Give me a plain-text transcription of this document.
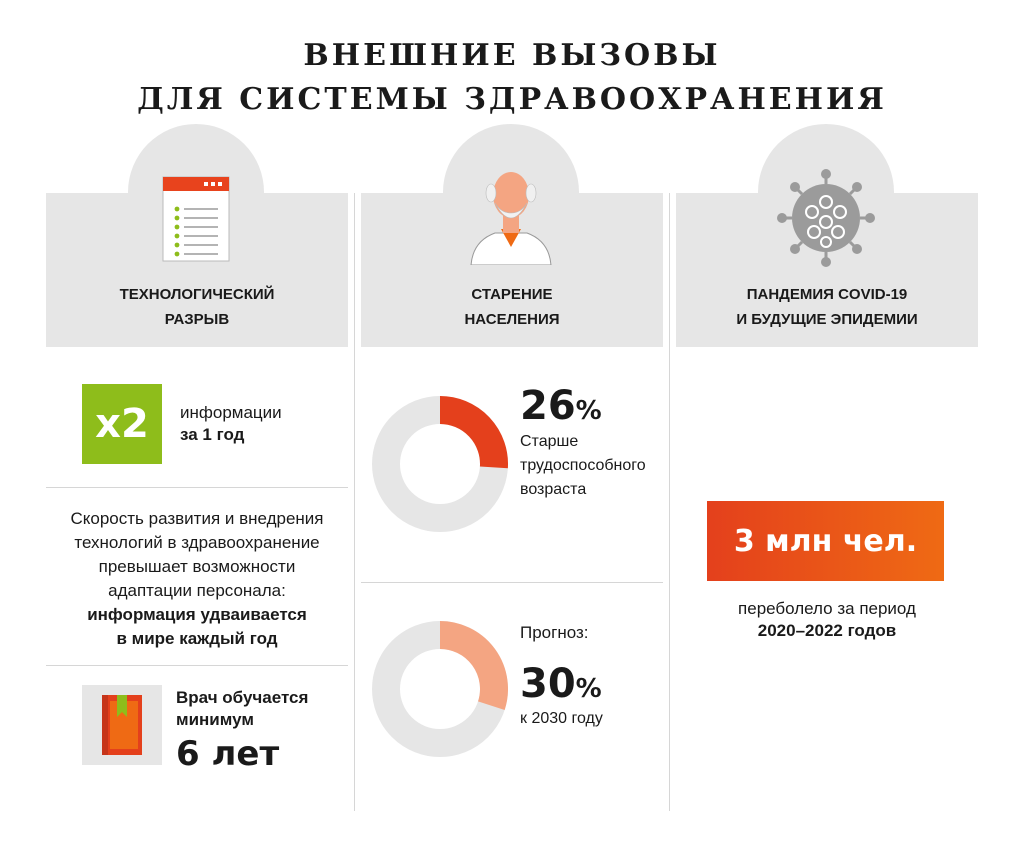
ВНЕШНИЕ ВЫЗОВЫ
ДЛЯ СИСТЕМЫ ЗДРАВООХРАНЕНИЯ
ТЕХНОЛОГИЧЕСКИЙ
РАЗРЫВ
СТАРЕНИЕ
НАСЕЛЕНИЯ
ПАНДЕМИЯ COVID-19
И БУДУЩИЕ ЭПИДЕМИИ
x2	информации
за 1 год
Скорость развития и внедрения
технологий в здравоохранение
превышает возможности
адаптации персонала:
информация удваивается
в мире каждый год
Врач обучается
минимум
6 лет
26%
Старше
трудоспособного
возраста
Прогноз:
30%
к 2030 году
3 млн чел.
переболело за период
2020–2022 годов
